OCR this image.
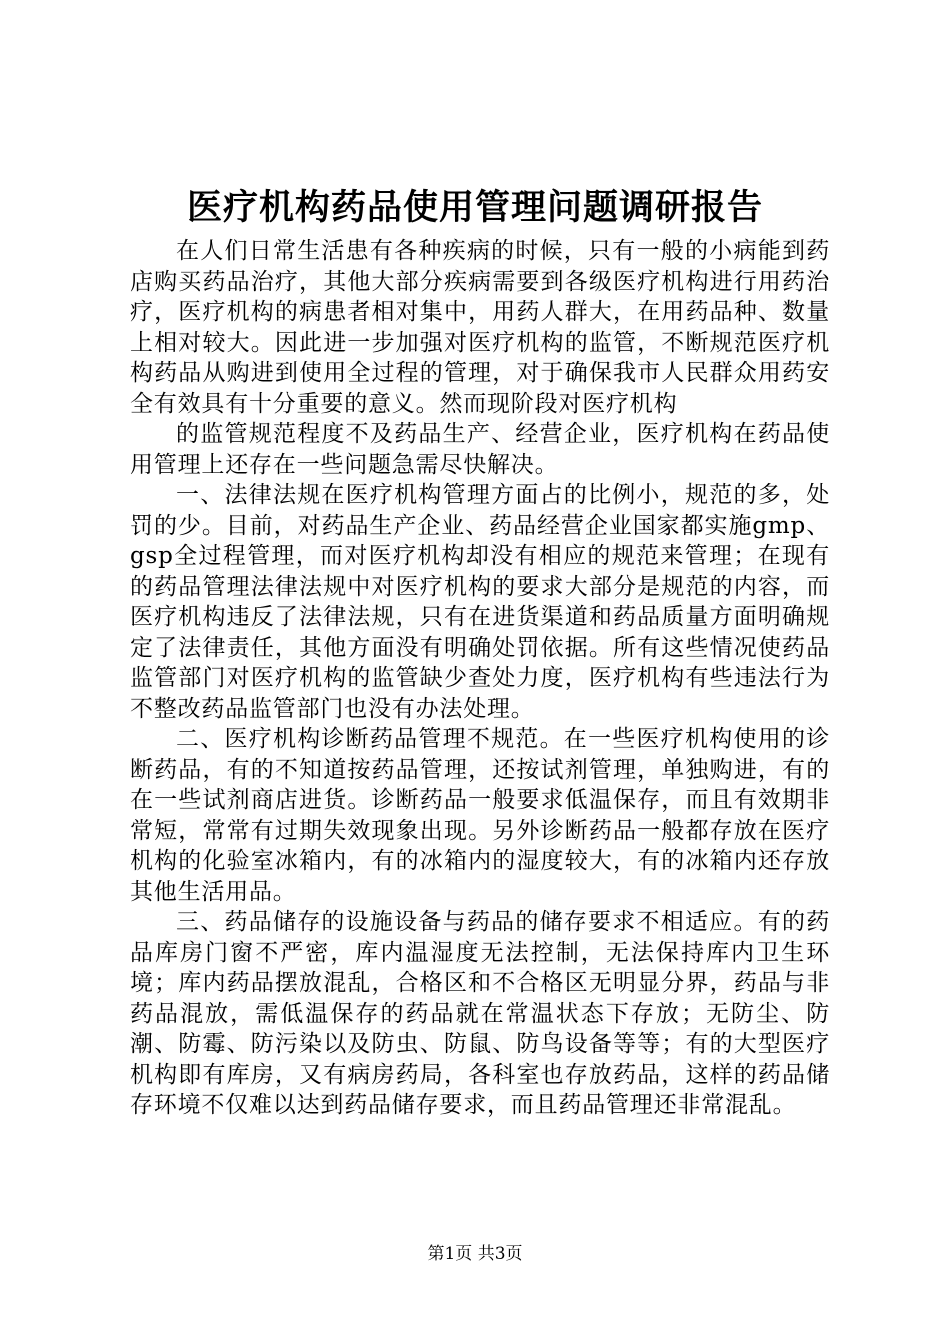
医疗机构药品使用管理问题调研报告

在人们日常生活患有各种疾病的时候，只有一般的小病能到药店购买药品治疗，其他大部分疾病需要到各级医疗机构进行用药治疗，医疗机构的病患者相对集中，用药人群大，在用药品种、数量上相对较大。因此进一步加强对医疗机构的监管，不断规范医疗机构药品从购进到使用全过程的管理，对于确保我市人民群众用药安全有效具有十分重要的意义。然而现阶段对医疗机构

的监管规范程度不及药品生产、经营企业，医疗机构在药品使用管理上还存在一些问题急需尽快解决。

一、法律法规在医疗机构管理方面占的比例小，规范的多，处罚的少。目前，对药品生产企业、药品经营企业国家都实施gmp、gsp全过程管理，而对医疗机构却没有相应的规范来管理；在现有的药品管理法律法规中对医疗机构的要求大部分是规范的内容，而医疗机构违反了法律法规，只有在进货渠道和药品质量方面明确规定了法律责任，其他方面没有明确处罚依据。所有这些情况使药品监管部门对医疗机构的监管缺少查处力度，医疗机构有些违法行为不整改药品监管部门也没有办法处理。

二、医疗机构诊断药品管理不规范。在一些医疗机构使用的诊断药品，有的不知道按药品管理，还按试剂管理，单独购进，有的在一些试剂商店进货。诊断药品一般要求低温保存，而且有效期非常短，常常有过期失效现象出现。另外诊断药品一般都存放在医疗机构的化验室冰箱内，有的冰箱内的湿度较大，有的冰箱内还存放其他生活用品。

三、药品储存的设施设备与药品的储存要求不相适应。有的药品库房门窗不严密，库内温湿度无法控制，无法保持库内卫生环境；库内药品摆放混乱，合格区和不合格区无明显分界，药品与非药品混放，需低温保存的药品就在常温状态下存放；无防尘、防潮、防霉、防污染以及防虫、防鼠、防鸟设备等等；有的大型医疗机构即有库房，又有病房药局，各科室也存放药品，这样的药品储存环境不仅难以达到药品储存要求，而且药品管理还非常混乱。

第1页 共3页
